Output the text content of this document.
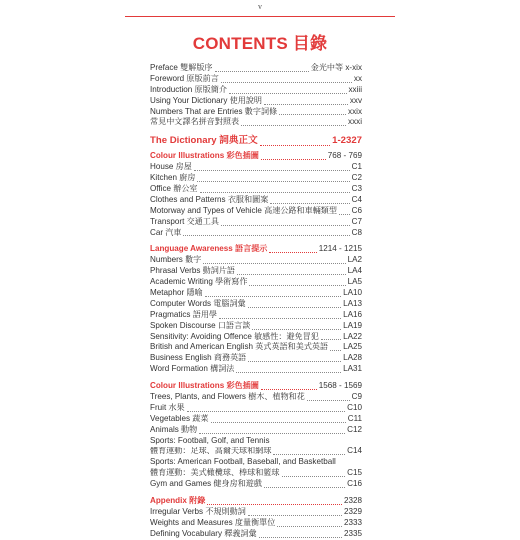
v
CONTENTS 目錄
Preface 雙解版序	金光中等 x-xix
Foreword 原版前言	xx
Introduction 原版簡介	xxiii
Using Your Dictionary 使用說明	xxv
Numbers That are Entries 數字詞條	xxix
常見中文譯名拼音對照表	xxxi
The Dictionary 詞典正文	1-2327
Colour Illustrations 彩色插圖	768 - 769
House 房屋	C1
Kitchen 廚房	C2
Office 辦公室	C3
Clothes and Patterns 衣服和圖案	C4
Motorway and Types of Vehicle 高速公路和車輛類型 C6
Transport 交通工具	C7
Car 汽車	C8
Language Awareness 語言提示	1214 - 1215
Numbers 數字	LA2
Phrasal Verbs 動詞片語	LA4
Academic Writing 學術寫作	LA5
Metaphor 隱喻	LA10
Computer Words 電腦詞彙	LA13
Pragmatics 語用學	LA16
Spoken Discourse 口語言談	LA19
Sensitivity: Avoiding Offence 敏感性：避免冒犯	LA22
British and American English 英式英語和美式英語 LA25
Business English 商務英語	LA28
Word Formation 構詞法	LA31
Colour Illustrations 彩色插圖	1568 - 1569
Trees, Plants, and Flowers 樹木、植物和花	C9
Fruit 水果	C10
Vegetables 蔬菜	C11
Animals 動物	C12
Sports: Football, Golf, and Tennis
體育運動：足球、高爾夫球和網球	C14
Sports: American Football, Baseball, and Basketball
體育運動：美式橄欖球、棒球和籃球	C15
Gym and Games 健身房和遊戲	C16
Appendix 附錄	2328
Irregular Verbs 不規則動詞	2329
Weights and Measures 度量衡單位	2333
Defining Vocabulary 釋義詞彙	2335
